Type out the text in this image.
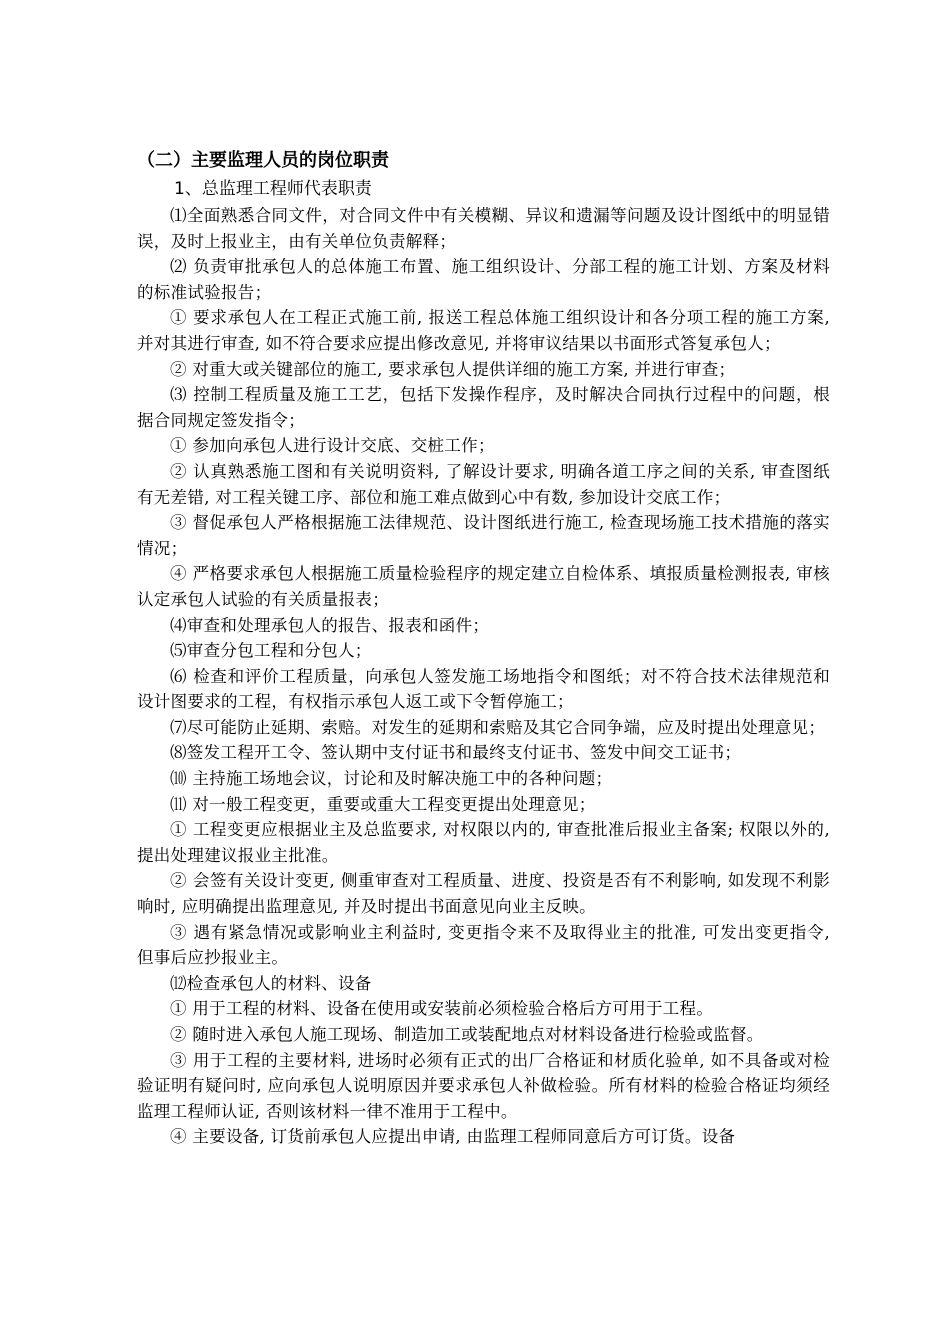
（二）主要监理人员的岗位职责
1、总监理工程师代表职责

⑴全面熟悉合同文件，对合同文件中有关模糊、异议和遗漏等问题及设计图纸中的明显错误，及时上报业主，由有关单位负责解释；

⑵ 负责审批承包人的总体施工布置、施工组织设计、分部工程的施工计划、方案及材料的标准试验报告；

① 要求承包人在工程正式施工前, 报送工程总体施工组织设计和各分项工程的施工方案, 并对其进行审查, 如不符合要求应提出修改意见, 并将审议结果以书面形式答复承包人；

② 对重大或关键部位的施工, 要求承包人提供详细的施工方案, 并进行审查；

⑶ 控制工程质量及施工工艺，包括下发操作程序，及时解决合同执行过程中的问题，根据合同规定签发指令；

① 参加向承包人进行设计交底、交桩工作；

② 认真熟悉施工图和有关说明资料, 了解设计要求, 明确各道工序之间的关系, 审查图纸有无差错, 对工程关键工序、部位和施工难点做到心中有数, 参加设计交底工作；

③ 督促承包人严格根据施工法律规范、设计图纸进行施工, 检查现场施工技术措施的落实情况；

④ 严格要求承包人根据施工质量检验程序的规定建立自检体系、填报质量检测报表, 审核认定承包人试验的有关质量报表；

⑷审查和处理承包人的报告、报表和函件；

⑸审查分包工程和分包人；

⑹ 检查和评价工程质量，向承包人签发施工场地指令和图纸；对不符合技术法律规范和设计图要求的工程，有权指示承包人返工或下令暂停施工；

⑺尽可能防止延期、索赔。对发生的延期和索赔及其它合同争端，应及时提出处理意见；

⑻签发工程开工令、签认期中支付证书和最终支付证书、签发中间交工证书；

⑽ 主持施工场地会议，讨论和及时解决施工中的各种问题；

⑾ 对一般工程变更，重要或重大工程变更提出处理意见；

① 工程变更应根据业主及总监要求, 对权限以内的, 审查批准后报业主备案; 权限以外的, 提出处理建议报业主批准。

② 会签有关设计变更, 侧重审查对工程质量、进度、投资是否有不利影响, 如发现不利影响时, 应明确提出监理意见, 并及时提出书面意见向业主反映。

③ 遇有紧急情况或影响业主利益时, 变更指令来不及取得业主的批准, 可发出变更指令, 但事后应抄报业主。

⑿检查承包人的材料、设备

① 用于工程的材料、设备在使用或安装前必须检验合格后方可用于工程。

② 随时进入承包人施工现场、制造加工或装配地点对材料设备进行检验或监督。

③ 用于工程的主要材料, 进场时必须有正式的出厂合格证和材质化验单, 如不具备或对检验证明有疑问时, 应向承包人说明原因并要求承包人补做检验。所有材料的检验合格证均须经监理工程师认证, 否则该材料一律不准用于工程中。

④ 主要设备, 订货前承包人应提出申请, 由监理工程师同意后方可订货。设备
